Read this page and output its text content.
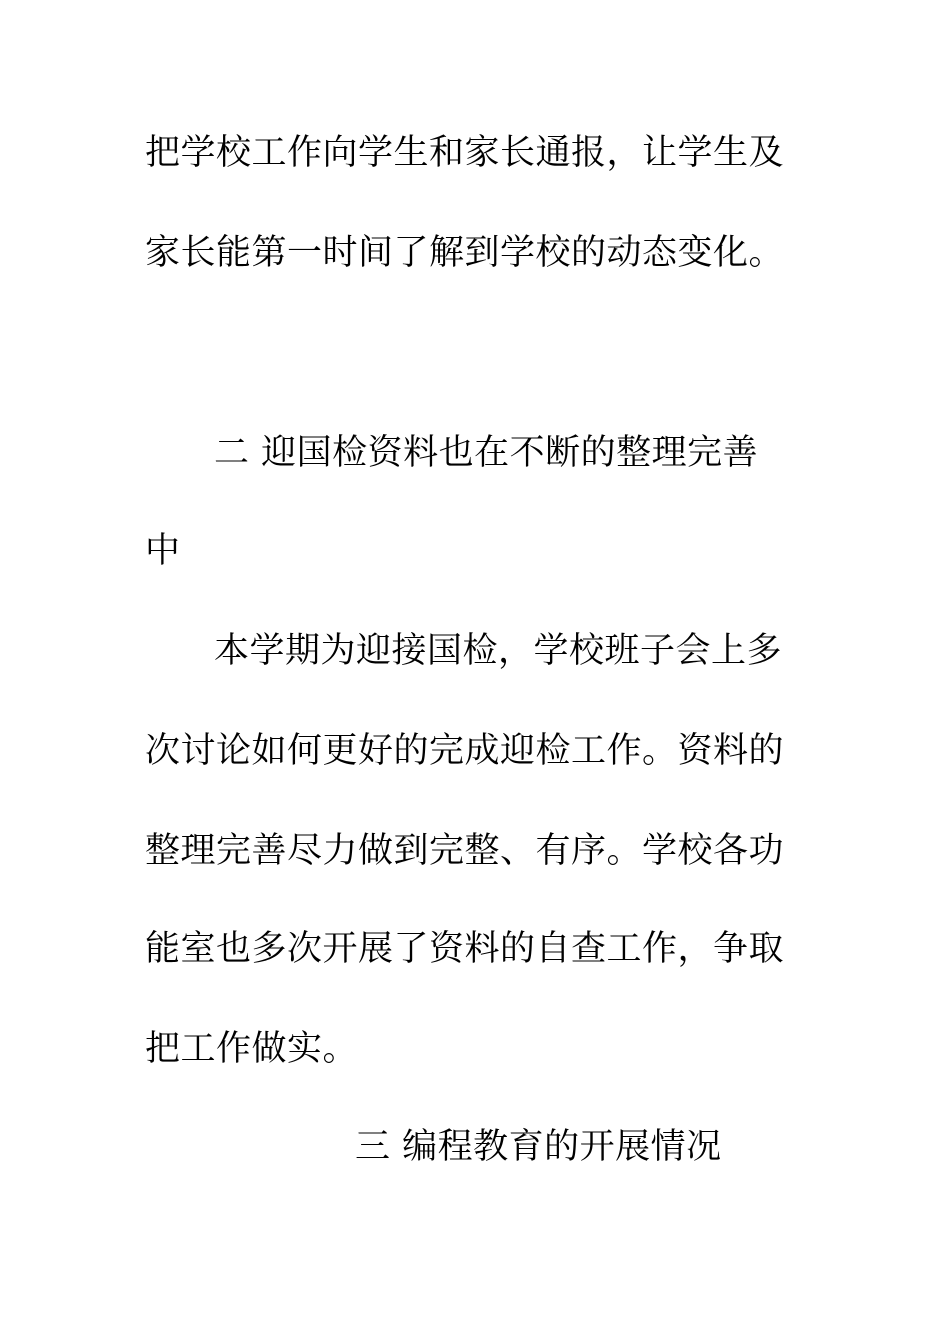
把学校工作向学生和家长通报，让学生及
家长能第一时间了解到学校的动态变化。
二 迎国检资料也在不断的整理完善
中
本学期为迎接国检，学校班子会上多
次讨论如何更好的完成迎检工作。资料的
整理完善尽力做到完整、有序。学校各功
能室也多次开展了资料的自查工作，争取
把工作做实。
三 编程教育的开展情况
